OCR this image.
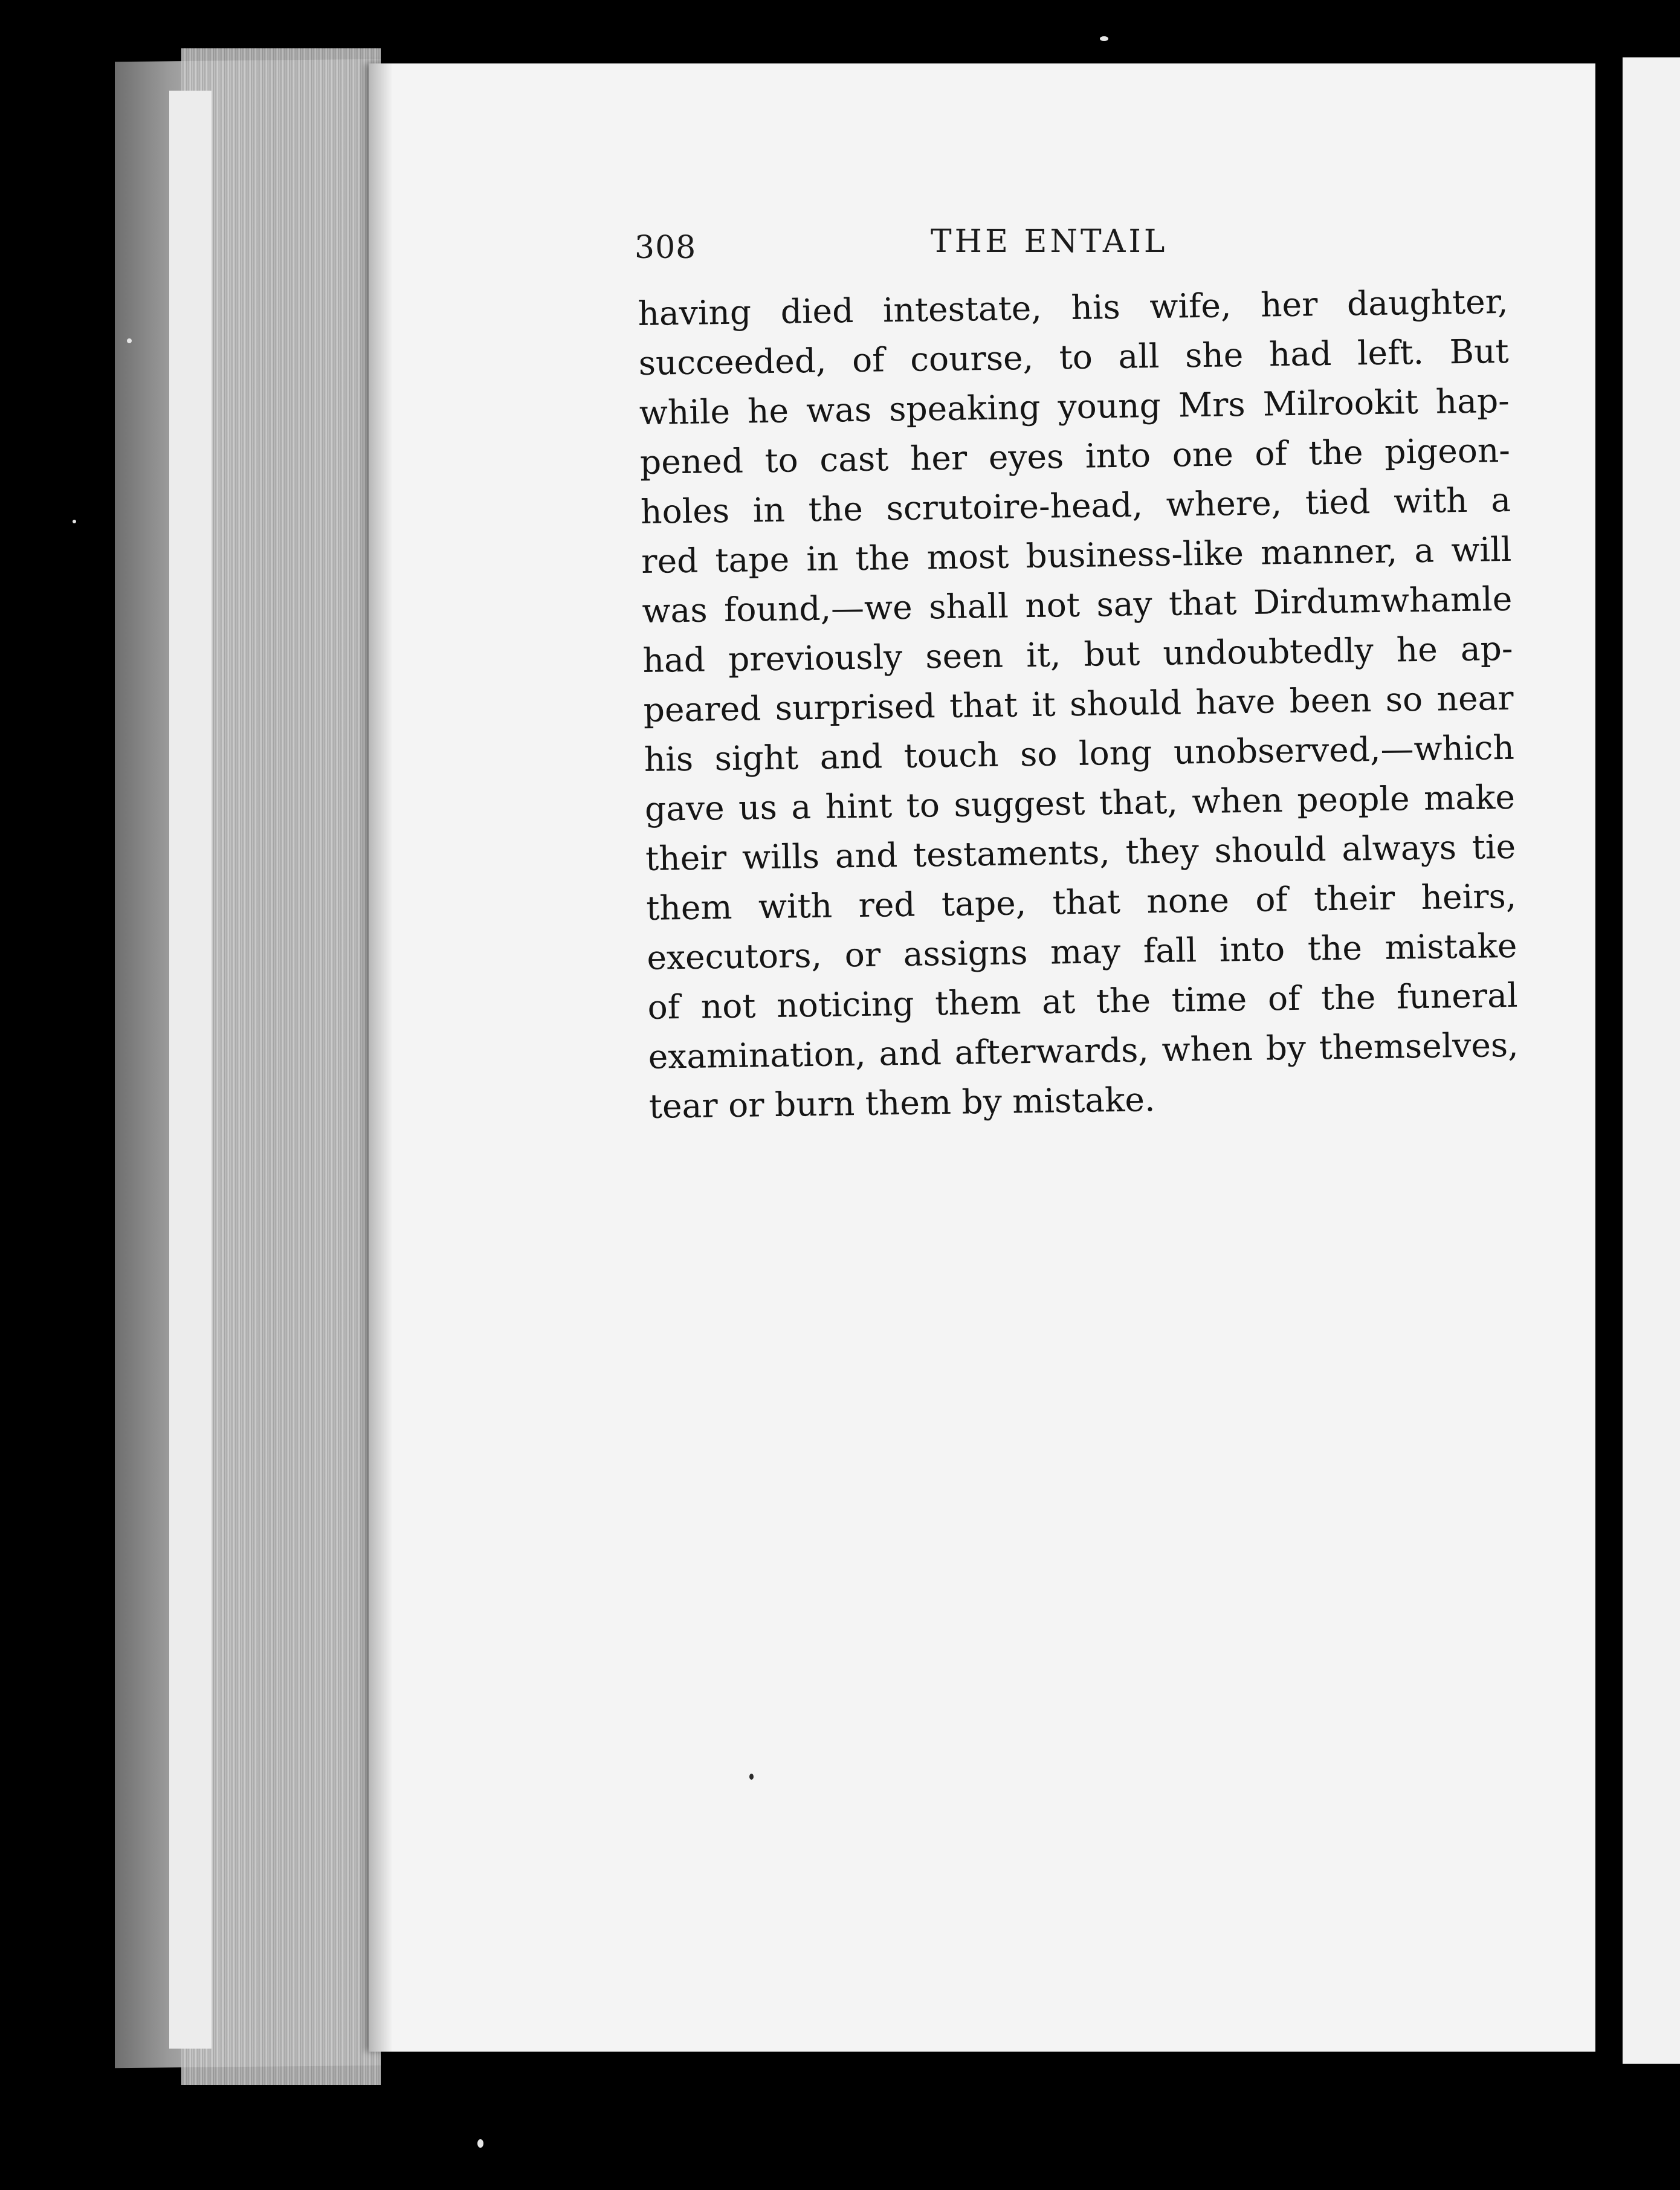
308	THE ENTAIL
having died intestate, his wife, her daughter,
succeeded, of course, to all she had left. But
while he was speaking young Mrs Milrookit hap-
pened to cast her eyes into one of the pigeon-
holes in the scrutoire-head, where, tied with a
red tape in the most business-like manner, a will
was found,—we shall not say that Dirdumwhamle
had previously seen it, but undoubtedly he ap-
peared surprised that it should have been so near
his sight and touch so long unobserved,—which
gave us a hint to suggest that, when people make
their wills and testaments, they should always tie
them with red tape, that none of their heirs,
executors, or assigns may fall into the mistake
of not noticing them at the time of the funeral
examination, and afterwards, when by themselves,
tear or burn them by mistake.
